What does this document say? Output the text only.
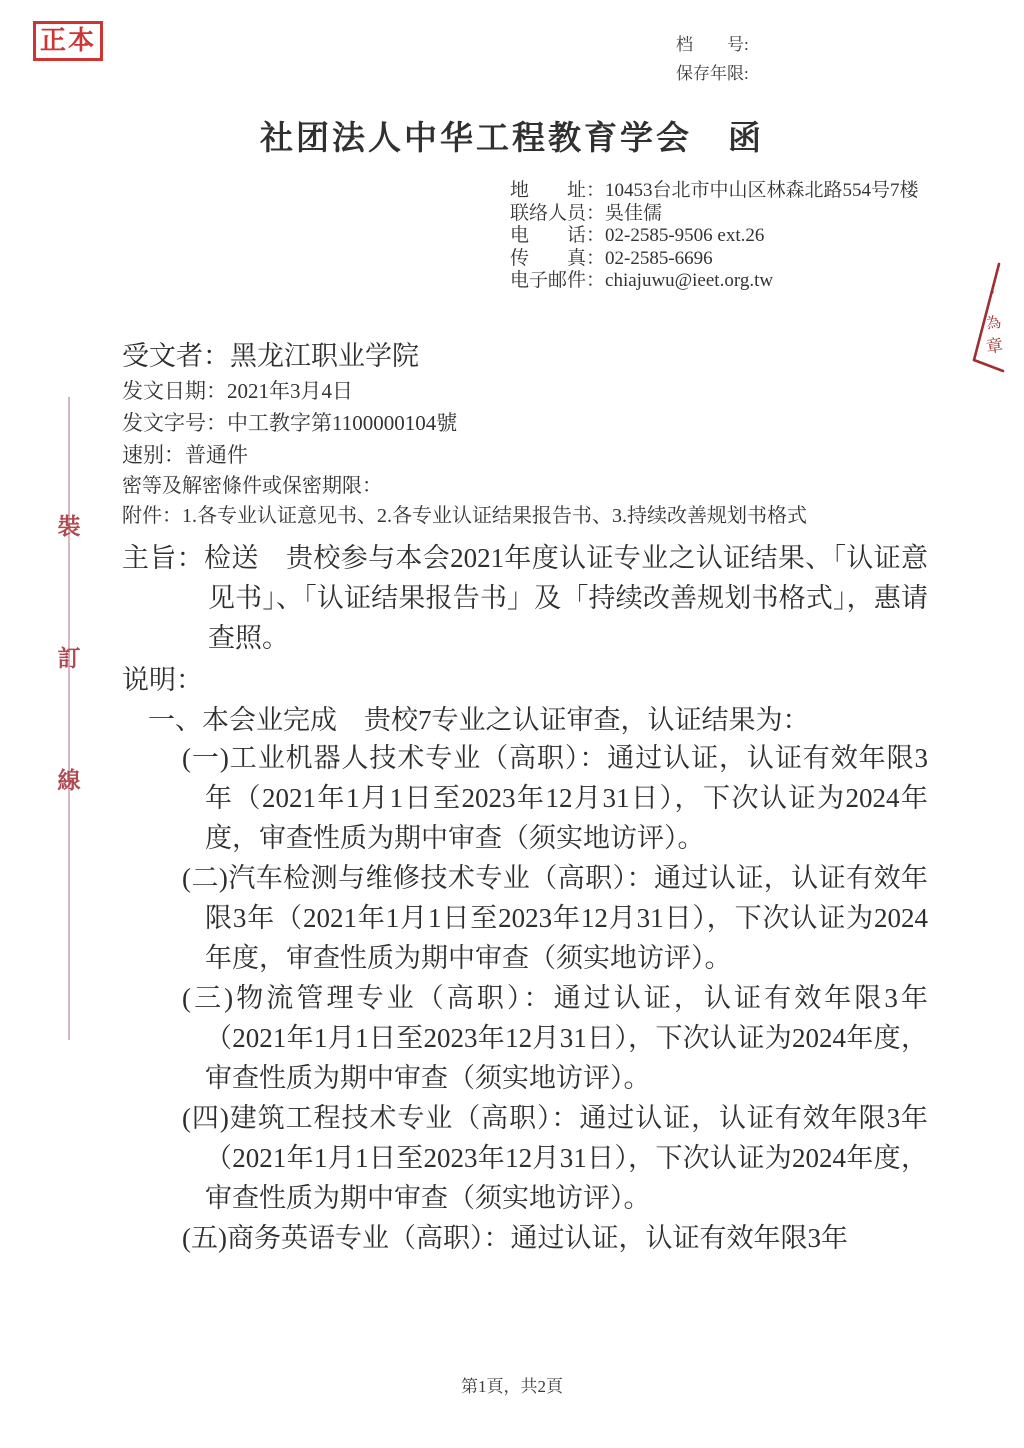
正本	档　　号:
保存年限:
社团法人中华工程教育学会　函
地　　址：10453台北市中山区林森北路554号7楼
联络人员：吳佳儒
电　　话：02-2585-9506 ext.26
传　　真：02-2585-6696
电子邮件：chiajuwu@ieet.org.tw
為
章
裝
訂
線
受文者：黑龙江职业学院
发文日期：2021年3月4日
发文字号：中工教字第1100000104號
速别：普通件
密等及解密條件或保密期限：
附件：1.各专业认证意见书、2.各专业认证结果报告书、3.持续改善规划书格式
主旨：检送　贵校参与本会2021年度认证专业之认证结果、「认证意见书」、「认证结果报告书」及「持续改善规划书格式」，惠请　查照。
说明：
一、本会业完成　贵校7专业之认证审查，认证结果为：
(一)工业机器人技术专业（高职）：通过认证，认证有效年限3年（2021年1月1日至2023年12月31日），下次认证为2024年度，审查性质为期中审查（须实地访评）。
(二)汽车检测与维修技术专业（高职）：通过认证，认证有效年限3年（2021年1月1日至2023年12月31日），下次认证为2024年度，审查性质为期中审查（须实地访评）。
(三)物流管理专业（高职）：通过认证，认证有效年限3年（2021年1月1日至2023年12月31日），下次认证为2024年度，审查性质为期中审查（须实地访评）。
(四)建筑工程技术专业（高职）：通过认证，认证有效年限3年（2021年1月1日至2023年12月31日），下次认证为2024年度，审查性质为期中审查（须实地访评）。
(五)商务英语专业（高职）：通过认证，认证有效年限3年
第1頁，共2頁
